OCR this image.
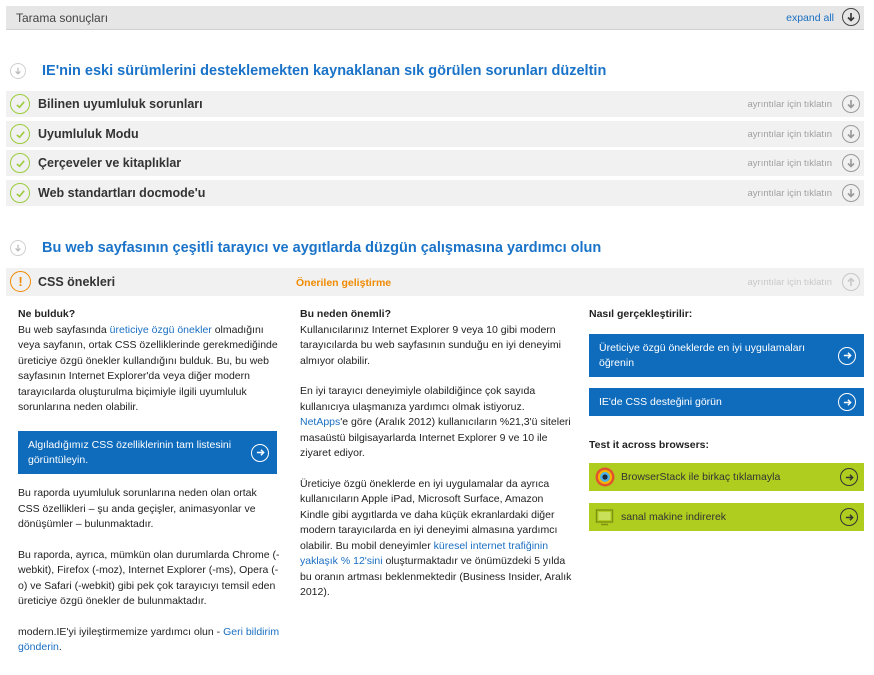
Tarama sonuçları	expand all
IE'nin eski sürümlerini desteklemekten kaynaklanan sık görülen sorunları düzeltin
Bilinen uyumluluk sorunları	ayrıntılar için tıklatın
Uyumluluk Modu	ayrıntılar için tıklatın
Çerçeveler ve kitaplıklar	ayrıntılar için tıklatın
Web standartları docmode'u	ayrıntılar için tıklatın
Bu web sayfasının çeşitli tarayıcı ve aygıtlarda düzgün çalışmasına yardımcı olun
!	CSS önekleri	Önerilen geliştirme	ayrıntılar için tıklatın
Ne bulduk?

Bu web sayfasında üreticiye özgü önekler olmadığını veya sayfanın, ortak CSS özelliklerinde gerekmediğinde üreticiye özgü önekler kullandığını bulduk. Bu, bu web sayfasının Internet Explorer'da veya diğer modern tarayıcılarda oluşturulma biçimiyle ilgili uyumluluk sorunlarına neden olabilir.

Algıladığımız CSS özelliklerinin tam listesini görüntüleyin.

Bu raporda uyumluluk sorunlarına neden olan ortak CSS özellikleri – şu anda geçişler, animasyonlar ve dönüşümler – bulunmaktadır.

Bu raporda, ayrıca, mümkün olan durumlarda Chrome (-webkit), Firefox (-moz), Internet Explorer (-ms), Opera (-o) ve Safari (-webkit) gibi pek çok tarayıcıyı temsil eden üreticiye özgü önekler de bulunmaktadır.

modern.IE'yi iyileştirmemize yardımcı olun - Geri bildirim gönderin.

Bu neden önemli?

Kullanıcılarınız Internet Explorer 9 veya 10 gibi modern tarayıcılarda bu web sayfasının sunduğu en iyi deneyimi almıyor olabilir.

En iyi tarayıcı deneyimiyle olabildiğince çok sayıda kullanıcıya ulaşmanıza yardımcı olmak istiyoruz. NetApps'e göre (Aralık 2012) kullanıcıların %21,3'ü siteleri masaüstü bilgisayarlarda Internet Explorer 9 ve 10 ile ziyaret ediyor.

Üreticiye özgü öneklerde en iyi uygulamalar da ayrıca kullanıcıların Apple iPad, Microsoft Surface, Amazon Kindle gibi aygıtlarda ve daha küçük ekranlardaki diğer modern tarayıcılarda en iyi deneyimi almasına yardımcı olabilir. Bu mobil deneyimler küresel internet trafiğinin yaklaşık % 12'sini oluşturmaktadır ve önümüzdeki 5 yılda bu oranın artması beklenmektedir (Business Insider, Aralık 2012).

Nasıl gerçekleştirilir:
Üreticiye özgü öneklerde en iyi uygulamaları öğrenin
IE'de CSS desteğini görün
Test it across browsers:
BrowserStack ile birkaç tıklamayla
sanal makine indirerek
